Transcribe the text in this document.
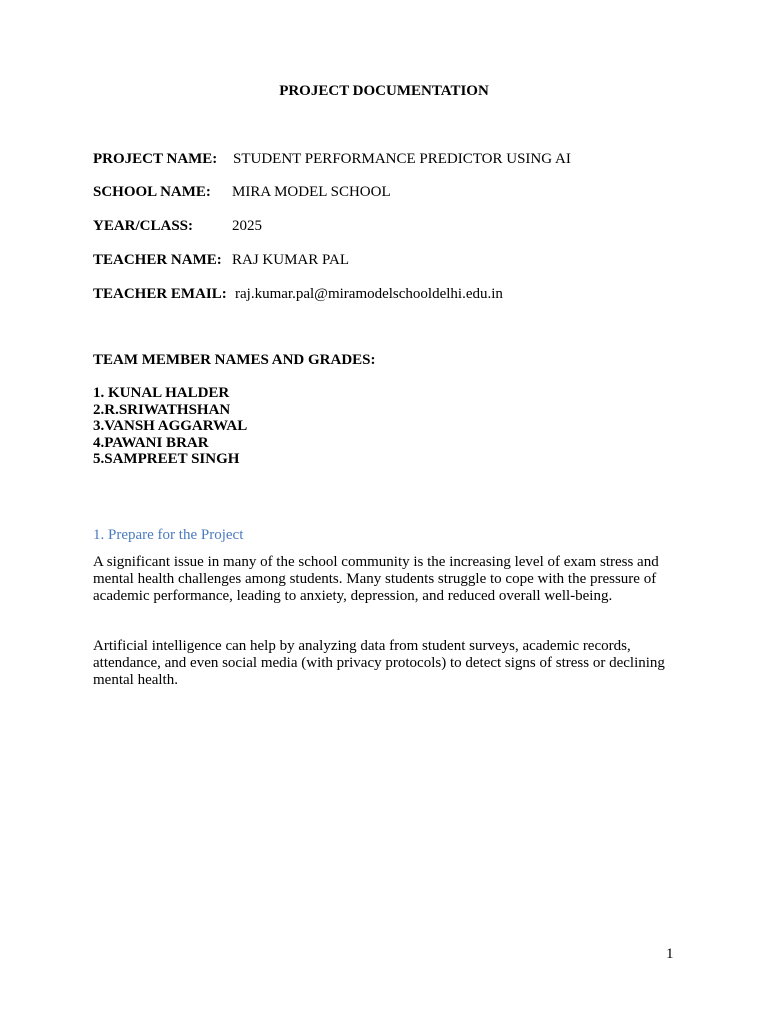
PROJECT DOCUMENTATION
PROJECT NAME: STUDENT PERFORMANCE PREDICTOR USING AI
SCHOOL NAME: MIRA MODEL SCHOOL
YEAR/CLASS:	2025
TEACHER NAME: RAJ KUMAR PAL
TEACHER EMAIL: raj.kumar.pal@miramodelschooldelhi.edu.in
TEAM MEMBER NAMES AND GRADES:
1. KUNAL HALDER
2.R.SRIWATHSHAN
3.VANSH AGGARWAL
4.PAWANI BRAR
5.SAMPREET SINGH
1. Prepare for the Project

A significant issue in many of the school community is the increasing level of exam stress and mental health challenges among students. Many students struggle to cope with the pressure of academic performance, leading to anxiety, depression, and reduced overall well-being.

Artificial intelligence can help by analyzing data from student surveys, academic records, attendance, and even social media (with privacy protocols) to detect signs of stress or declining mental health.

1
